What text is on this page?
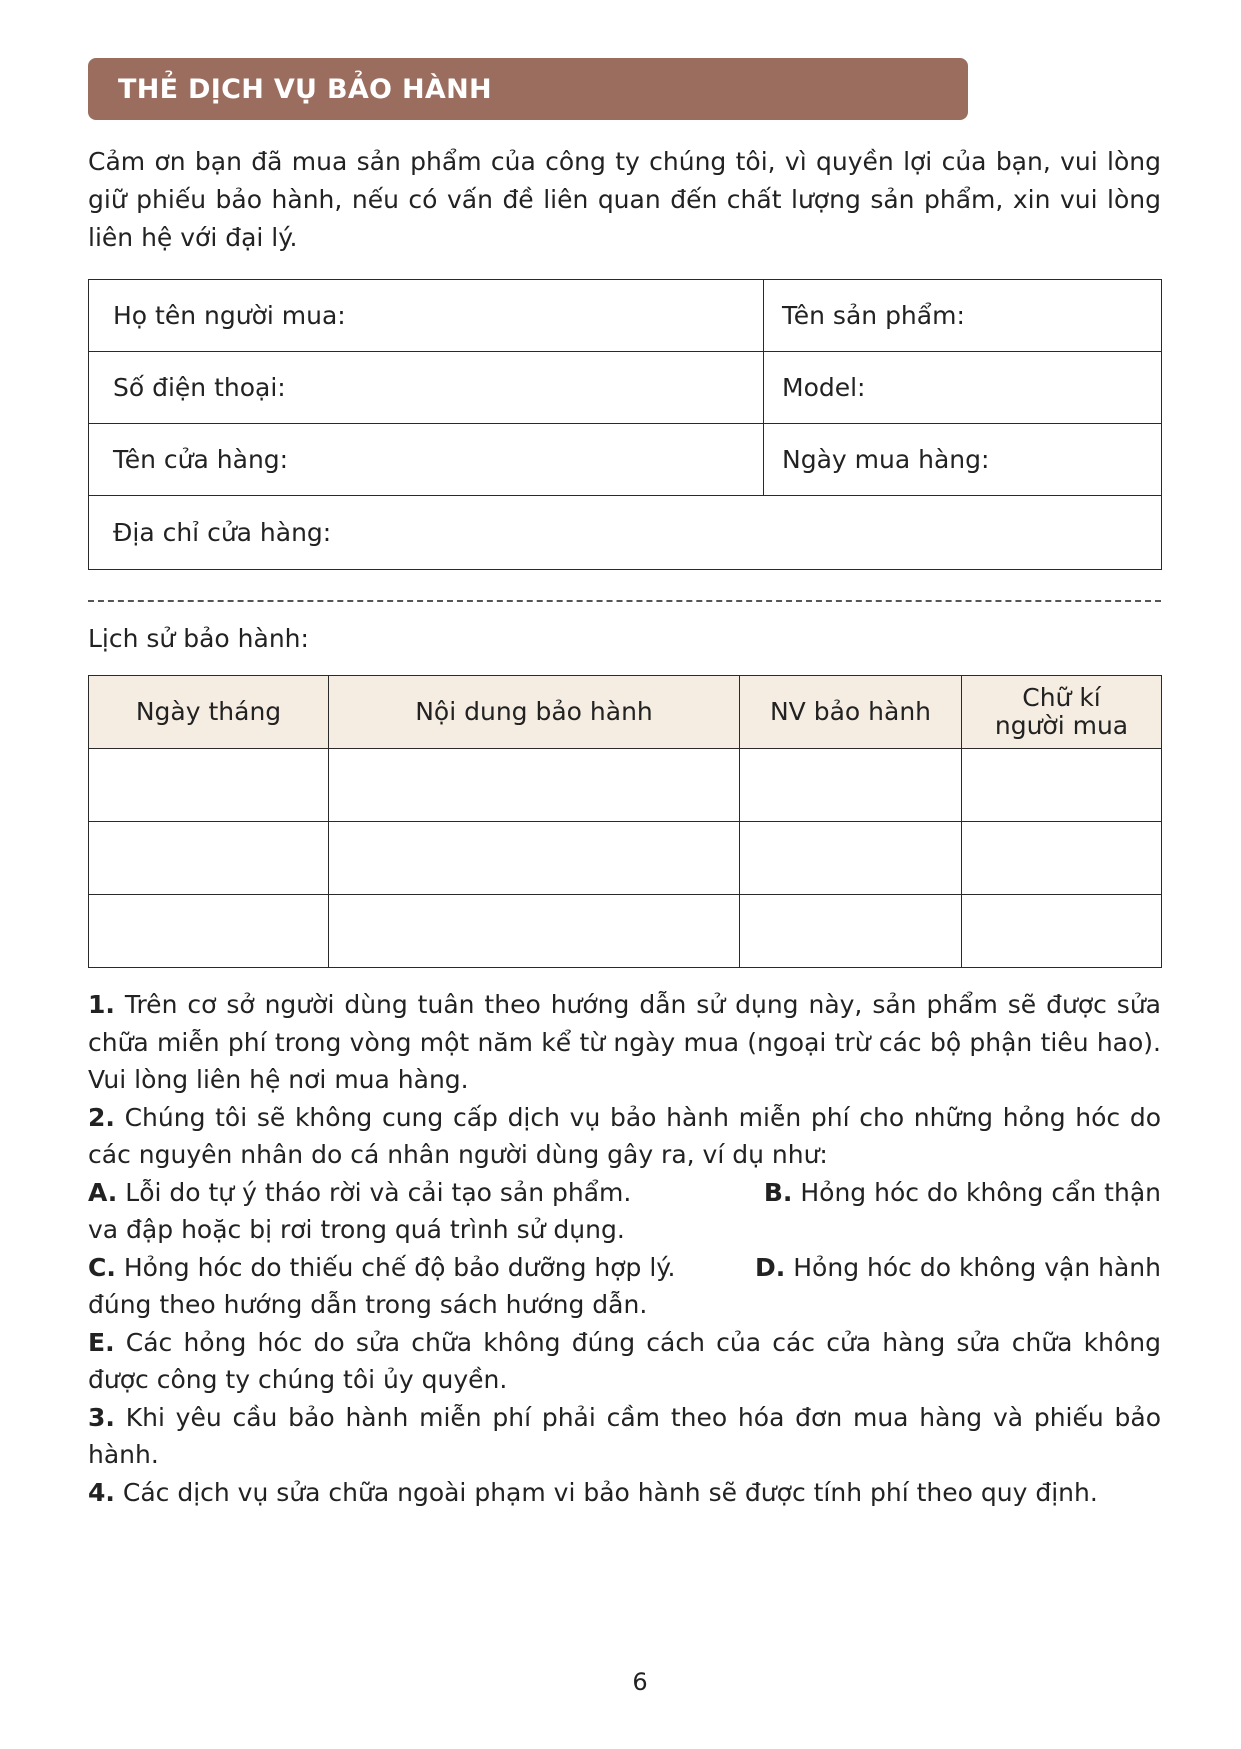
THẺ DỊCH VỤ BẢO HÀNH

Cảm ơn bạn đã mua sản phẩm của công ty chúng tôi, vì quyền lợi của bạn, vui lòng giữ phiếu bảo hành, nếu có vấn đề liên quan đến chất lượng sản phẩm, xin vui lòng liên hệ với đại lý.

Họ tên người mua:	Tên sản phẩm:
Số điện thoại:	Model:
Tên cửa hàng:	Ngày mua hàng:
Địa chỉ cửa hàng:	
Lịch sử bảo hành:
Ngày tháng	Nội dung bảo hành	NV bảo hành	Chữ kí người mua

1. Trên cơ sở người dùng tuân theo hướng dẫn sử dụng này, sản phẩm sẽ được sửa chữa miễn phí trong vòng một năm kể từ ngày mua (ngoại trừ các bộ phận tiêu hao). Vui lòng liên hệ nơi mua hàng.

2. Chúng tôi sẽ không cung cấp dịch vụ bảo hành miễn phí cho những hỏng hóc do các nguyên nhân do cá nhân người dùng gây ra, ví dụ như:

A. Lỗi do tự ý tháo rời và cải tạo sản phẩm.	B. Hỏng hóc do không cẩn thận

va đập hoặc bị rơi trong quá trình sử dụng.

C. Hỏng hóc do thiếu chế độ bảo dưỡng hợp lý.	D. Hỏng hóc do không vận hành

đúng theo hướng dẫn trong sách hướng dẫn.

E. Các hỏng hóc do sửa chữa không đúng cách của các cửa hàng sửa chữa không được công ty chúng tôi ủy quyền.

3. Khi yêu cầu bảo hành miễn phí phải cầm theo hóa đơn mua hàng và phiếu bảo hành.

4. Các dịch vụ sửa chữa ngoài phạm vi bảo hành sẽ được tính phí theo quy định.

6
